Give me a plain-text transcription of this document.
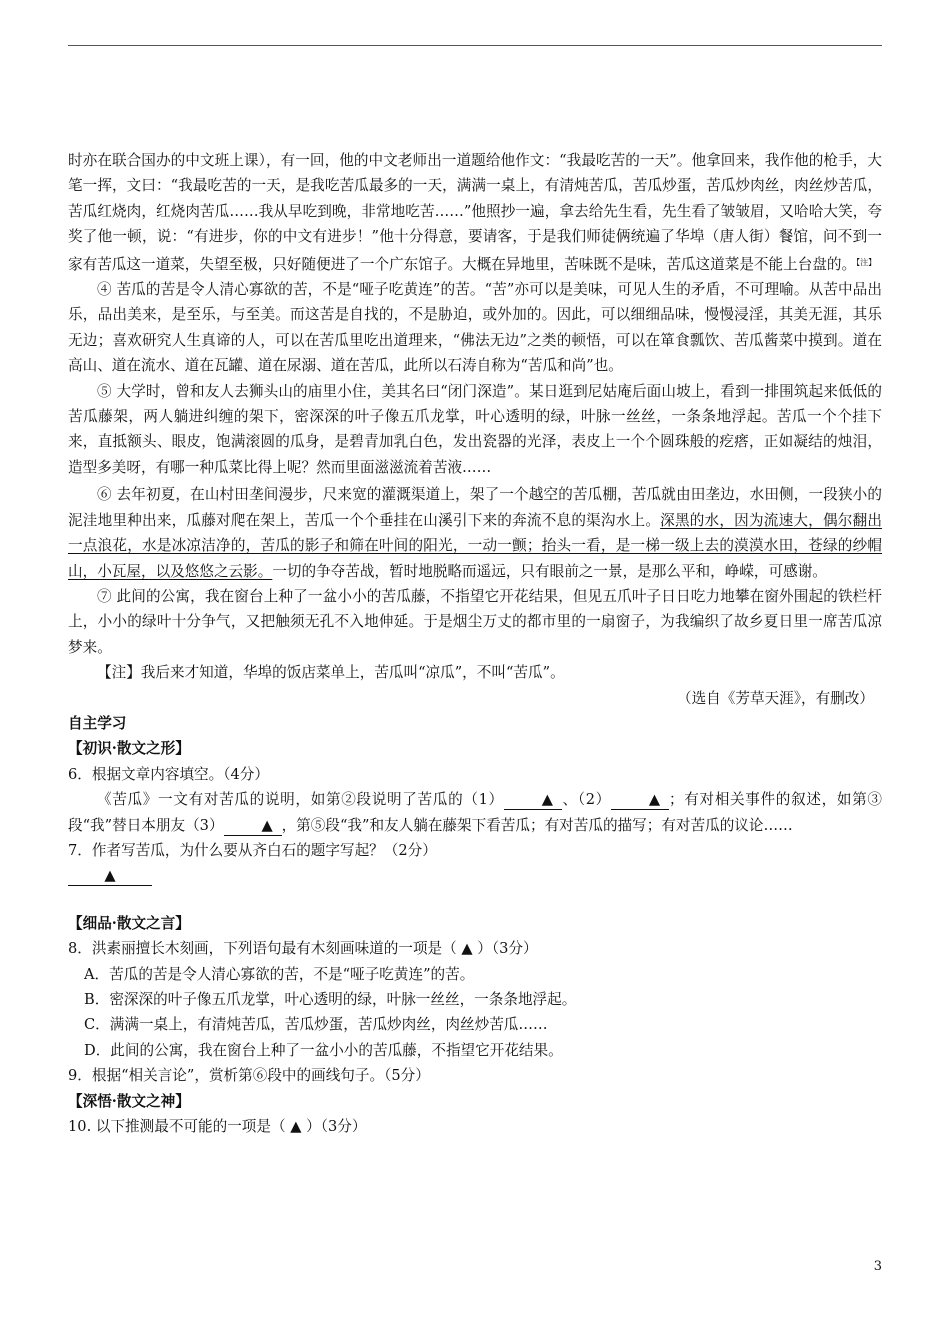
时亦在联合国办的中文班上课），有一回，他的中文老师出一道题给他作文：“我最吃苦的一天”。他拿回来，我作他的枪手，大笔一挥，文曰：“我最吃苦的一天，是我吃苦瓜最多的一天，满满一桌上，有清炖苦瓜，苦瓜炒蛋，苦瓜炒肉丝，肉丝炒苦瓜，苦瓜红烧肉，红烧肉苦瓜……我从早吃到晚，非常地吃苦……”他照抄一遍，拿去给先生看，先生看了皱皱眉，又哈哈大笑，夸奖了他一顿，说：“有进步，你的中文有进步！”他十分得意，要请客，于是我们师徒俩统遍了华埠（唐人街）餐馆，问不到一家有苦瓜这一道菜，失望至极，只好随便进了一个广东馆子。大概在异地里，苦味既不是味，苦瓜这道菜是不能上台盘的。$^{【注】}$

④ 苦瓜的苦是令人清心寡欲的苦，不是“哑子吃黄连”的苦。“苦”亦可以是美味，可见人生的矛盾，不可理喻。从苦中品出乐，品出美来，是至乐，与至美。而这苦是自找的，不是胁迫，或外加的。因此，可以细细品味，慢慢浸淫，其美无涯，其乐无边；喜欢研究人生真谛的人，可以在苦瓜里吃出道理来，“佛法无边”之类的顿悟，可以在箪食瓢饮、苦瓜酱菜中摸到。道在高山、道在流水、道在瓦罐、道在尿溺、道在苦瓜，此所以石涛自称为“苦瓜和尚”也。

⑤ 大学时，曾和友人去狮头山的庙里小住，美其名曰“闭门深造”。某日逛到尼姑庵后面山坡上，看到一排围筑起来低低的苦瓜藤架，两人躺进纠缠的架下，密深深的叶子像五爪龙掌，叶心透明的绿，叶脉一丝丝，一条条地浮起。苦瓜一个个挂下来，直抵额头、眼皮，饱满滚圆的瓜身，是碧青加乳白色，发出瓷器的光泽，表皮上一个个圆珠般的疙瘩，正如凝结的烛泪，造型多美呀，有哪一种瓜菜比得上呢？然而里面滋滋流着苦液……

⑥ 去年初夏，在山村田垄间漫步，尺来宽的灌溉渠道上，架了一个越空的苦瓜棚，苦瓜就由田垄边，水田侧，一段狭小的泥洼地里种出来，瓜藤对爬在架上，苦瓜一个个垂挂在山溪引下来的奔流不息的渠沟水上。深黑的水，因为流速大，偶尔翻出一点浪花，水是冰凉洁净的，苦瓜的影子和筛在叶间的阳光，一动一颤；抬头一看，是一梯一级上去的漠漠水田，苍绿的纱帽山，小瓦屋，以及悠悠之云影。一切的争夺苦战，暂时地脱略而遥远，只有眼前之一景，是那么平和，峥嵘，可感谢。

⑦ 此间的公寓，我在窗台上种了一盆小小的苦瓜藤，不指望它开花结果，但见五爪叶子日日吃力地攀在窗外围起的铁栏杆上，小小的绿叶十分争气，又把触须无孔不入地伸延。于是烟尘万丈的都市里的一扇窗子，为我编织了故乡夏日里一席苦瓜凉梦来。

【注】我后来才知道，华埠的饭店菜单上，苦瓜叫“凉瓜”，不叫“苦瓜”。

（选自《芳草天涯》，有删改）

自主学习

【初识·散文之形】

6．根据文章内容填空。（4分）

《苦瓜》一文有对苦瓜的说明，如第②段说明了苦瓜的（1）	▲ 、（2）	▲ ；有对相关事件的叙述，如第③段“我”替日本朋友（3）	▲ ，第⑤段“我”和友人躺在藤架下看苦瓜；有对苦瓜的描写；有对苦瓜的议论……

7．作者写苦瓜，为什么要从齐白石的题字写起？（2分）

▲

【细品·散文之言】

8．洪素丽擅长木刻画，下列语句最有木刻画味道的一项是（ ▲ ）（3分）

A．苦瓜的苦是令人清心寡欲的苦，不是“哑子吃黄连”的苦。

B．密深深的叶子像五爪龙掌，叶心透明的绿，叶脉一丝丝，一条条地浮起。

C．满满一桌上，有清炖苦瓜，苦瓜炒蛋，苦瓜炒肉丝，肉丝炒苦瓜……

D．此间的公寓，我在窗台上种了一盆小小的苦瓜藤，不指望它开花结果。

9．根据“相关言论”，赏析第⑥段中的画线句子。（5分）

【深悟·散文之神】

10. 以下推测最不可能的一项是（ ▲ ）（3分）

3
